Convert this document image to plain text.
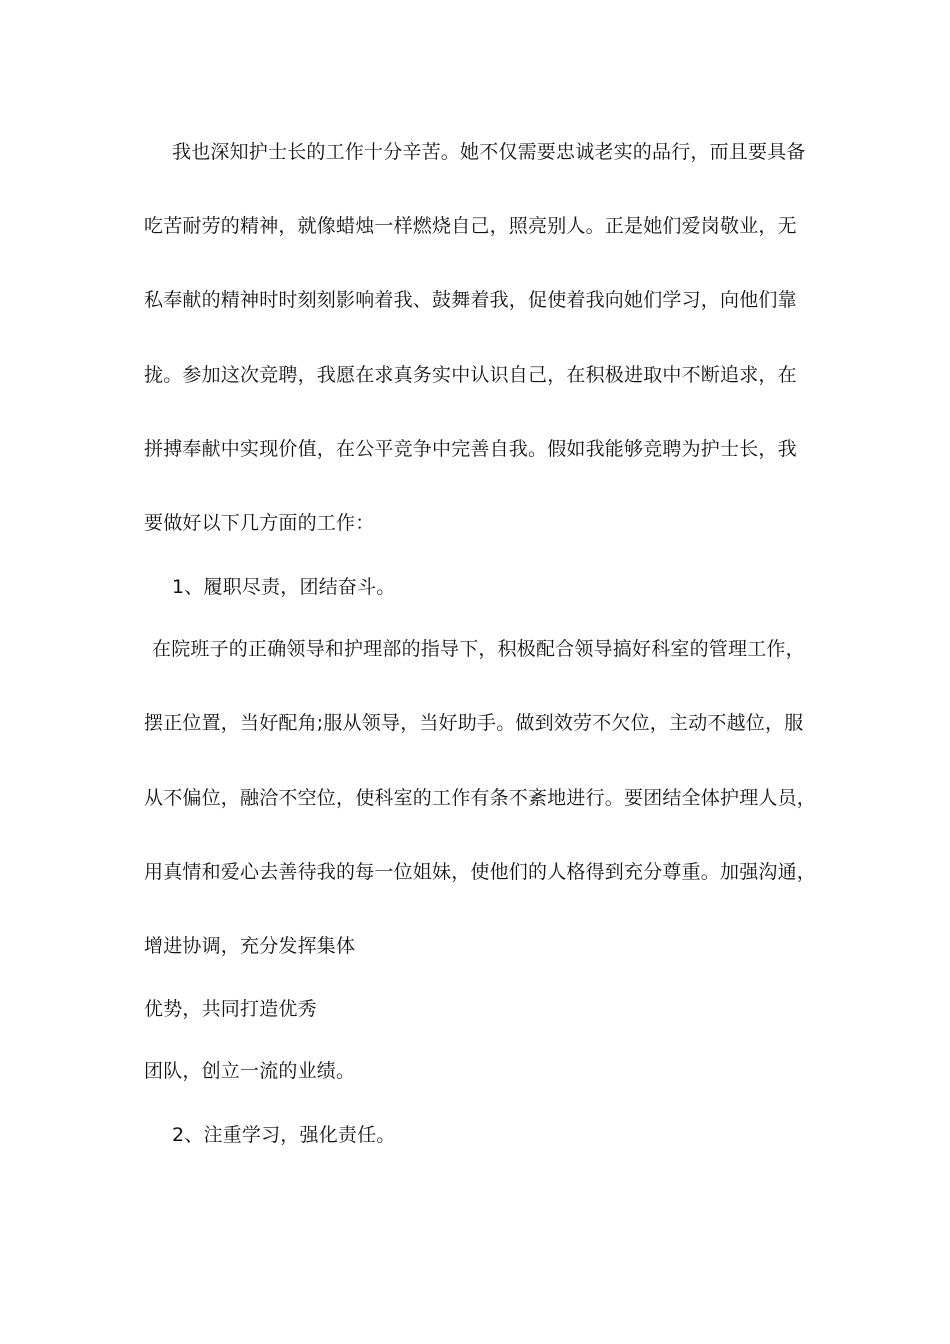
我也深知护士长的工作十分辛苦。她不仅需要忠诚老实的品行，而且要具备
吃苦耐劳的精神，就像蜡烛一样燃烧自己，照亮别人。正是她们爱岗敬业，无
私奉献的精神时时刻刻影响着我、鼓舞着我，促使着我向她们学习，向他们靠
拢。参加这次竞聘，我愿在求真务实中认识自己，在积极进取中不断追求，在
拼搏奉献中实现价值，在公平竞争中完善自我。假如我能够竞聘为护士长，我
要做好以下几方面的工作：
1、履职尽责，团结奋斗。
在院班子的正确领导和护理部的指导下，积极配合领导搞好科室的管理工作，
摆正位置，当好配角;服从领导，当好助手。做到效劳不欠位，主动不越位，服
从不偏位，融洽不空位，使科室的工作有条不紊地进行。要团结全体护理人员，
用真情和爱心去善待我的每一位姐妹，使他们的人格得到充分尊重。加强沟通，
增进协调，充分发挥集体
优势，共同打造优秀
团队，创立一流的业绩。
2、注重学习，强化责任。
